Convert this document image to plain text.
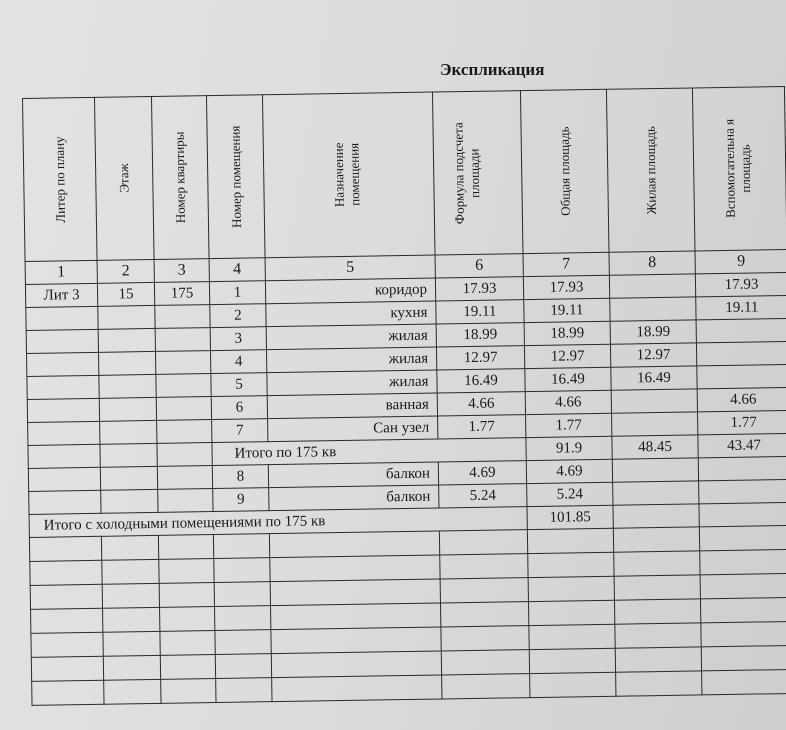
Экспликация
Литер по плану	Этаж	Номер квартиры	Номер помещения	Назначение помещения	Формула подсчета площади	Общая площадь	Жилая площадь	Вспомогательна я площадь

1	2	3	4	5	6	7	8	9
Лит 3	15	175	1	коридор	17.93	17.93		17.93
			2	кухня	19.11	19.11		19.11
			3	жилая	18.99	18.99	18.99	
			4	жилая	12.97	12.97	12.97	
			5	жилая	16.49	16.49	16.49	
			6	ванная	4.66	4.66		4.66
			7	Сан узел	1.77	1.77		1.77
			Итого по 175 кв			91.9	48.45	43.47
			8	балкон	4.69	4.69		
			9	балкон	5.24	5.24		
Итого с холодными помещениями по 175 кв						101.85		
